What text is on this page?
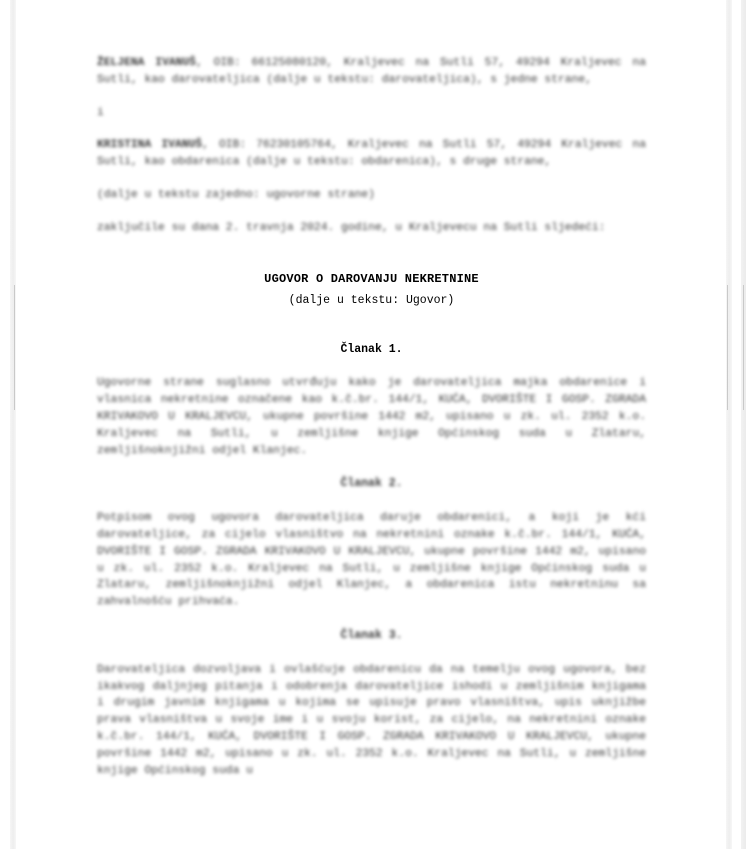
ŽELJENA IVANUŠ, OIB: 66125080120, Kraljevec na Sutli 57, 49294 Kraljevec na Sutli, kao darovateljica (dalje u tekstu: darovateljica), s jedne strane,

i

KRISTINA IVANUŠ, OIB: 76230105764, Kraljevec na Sutli 57, 49294 Kraljevec na Sutli, kao obdarenica (dalje u tekstu: obdarenica), s druge strane,

(dalje u tekstu zajedno: ugovorne strane)

zaključile su dana 2. travnja 2024. godine, u Kraljevecu na Sutli sljedeći:

UGOVOR O DAROVANJU NEKRETNINE

(dalje u tekstu: Ugovor)

Članak 1.

Ugovorne strane suglasno utvrđuju kako je darovateljica majka obdarenice i vlasnica nekretnine označene kao k.č.br. 144/1, KUĆA, DVORIŠTE I GOSP. ZGRADA KRIVAKOVO U KRALJEVCU, ukupne površine 1442 m2, upisano u zk. ul. 2352 k.o. Kraljevec na Sutli, u zemljišne knjige Općinskog suda u Zlataru, zemljišnoknjižni odjel Klanjec.

Članak 2.

Potpisom ovog ugovora darovateljica daruje obdarenici, a koji je kći darovateljice, za cijelo vlasništvo na nekretnini oznake k.č.br. 144/1, KUĆA, DVORIŠTE I GOSP. ZGRADA KRIVAKOVO U KRALJEVCU, ukupne površine 1442 m2, upisano u zk. ul. 2352 k.o. Kraljevec na Sutli, u zemljišne knjige Općinskog suda u Zlataru, zemljišnoknjižni odjel Klanjec, a obdarenica istu nekretninu sa zahvalnošću prihvaća.

Članak 3.

Darovateljica dozvoljava i ovlašćuje obdarenicu da na temelju ovog ugovora, bez ikakvog daljnjeg pitanja i odobrenja darovateljice ishodi u zemljišnim knjigama i drugim javnim knjigama u kojima se upisuje pravo vlasništva, upis uknjižbe prava vlasništva u svoje ime i u svoju korist, za cijelo, na nekretnini oznake k.č.br. 144/1, KUĆA, DVORIŠTE I GOSP. ZGRADA KRIVAKOVO U KRALJEVCU, ukupne površine 1442 m2, upisano u zk. ul. 2352 k.o. Kraljevec na Sutli, u zemljišne knjige Općinskog suda u
